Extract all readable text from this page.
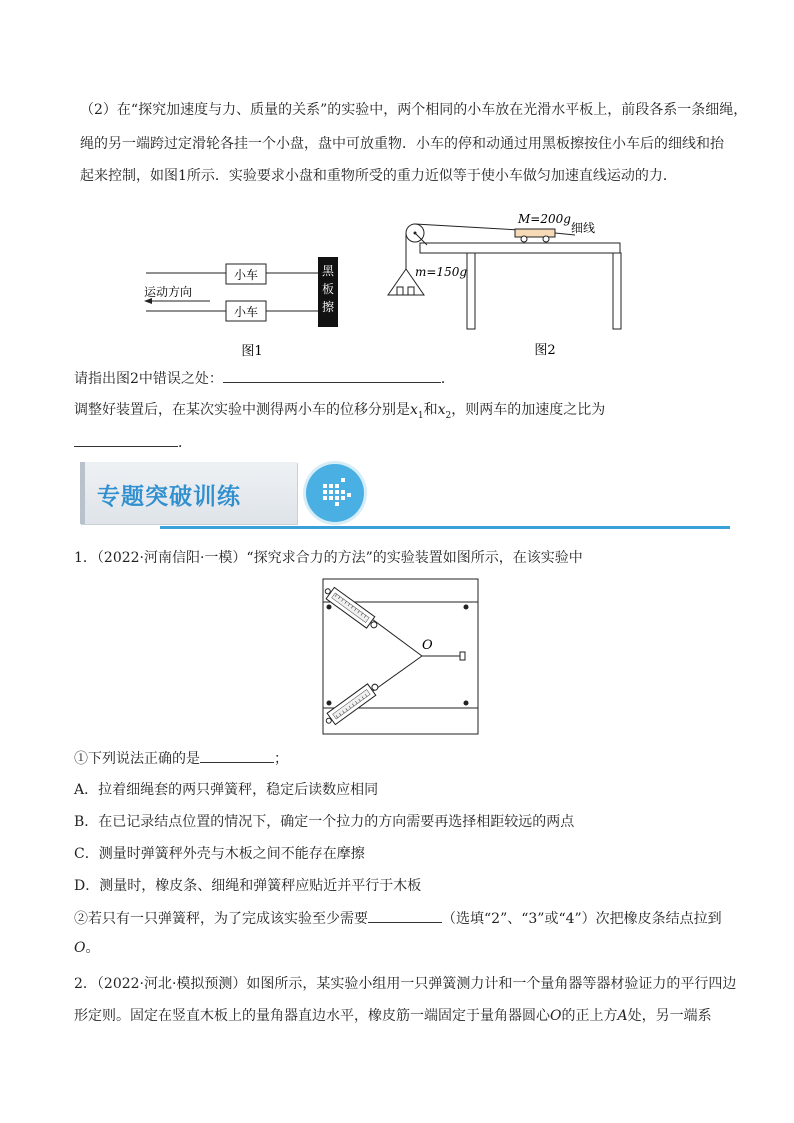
（2）在“探究加速度与力、质量的关系”的实验中，两个相同的小车放在光滑水平板上，前段各系一条细绳，
绳的另一端跨过定滑轮各挂一个小盘，盘中可放重物．小车的停和动通过用黑板擦按住小车后的细线和抬
起来控制，如图1所示．实验要求小盘和重物所受的重力近似等于使小车做匀加速直线运动的力．
小车
小车
运动方向
黑
板
擦
图1
M=200g
细线
m=150g
图2
请指出图2中错误之处：	．
调整好装置后，在某次实验中测得两小车的位移分别是$x_1$和$x_2$，则两车的加速度之比为
．
专题突破训练
1．（2022·河南信阳·一模）“探究求合力的方法”的实验装置如图所示，在该实验中
O
①下列说法正确的是	；
A．拉着细绳套的两只弹簧秤，稳定后读数应相同
B．在已记录结点位置的情况下，确定一个拉力的方向需要再选择相距较远的两点
C．测量时弹簧秤外壳与木板之间不能存在摩擦
D．测量时，橡皮条、细绳和弹簧秤应贴近并平行于木板
②若只有一只弹簧秤，为了完成该实验至少需要	（选填“2”、“3”或“4”）次把橡皮条结点拉到
O。
2．（2022·河北·模拟预测）如图所示，某实验小组用一只弹簧测力计和一个量角器等器材验证力的平行四边
形定则。固定在竖直木板上的量角器直边水平，橡皮筋一端固定于量角器圆心O的正上方A处，另一端系
